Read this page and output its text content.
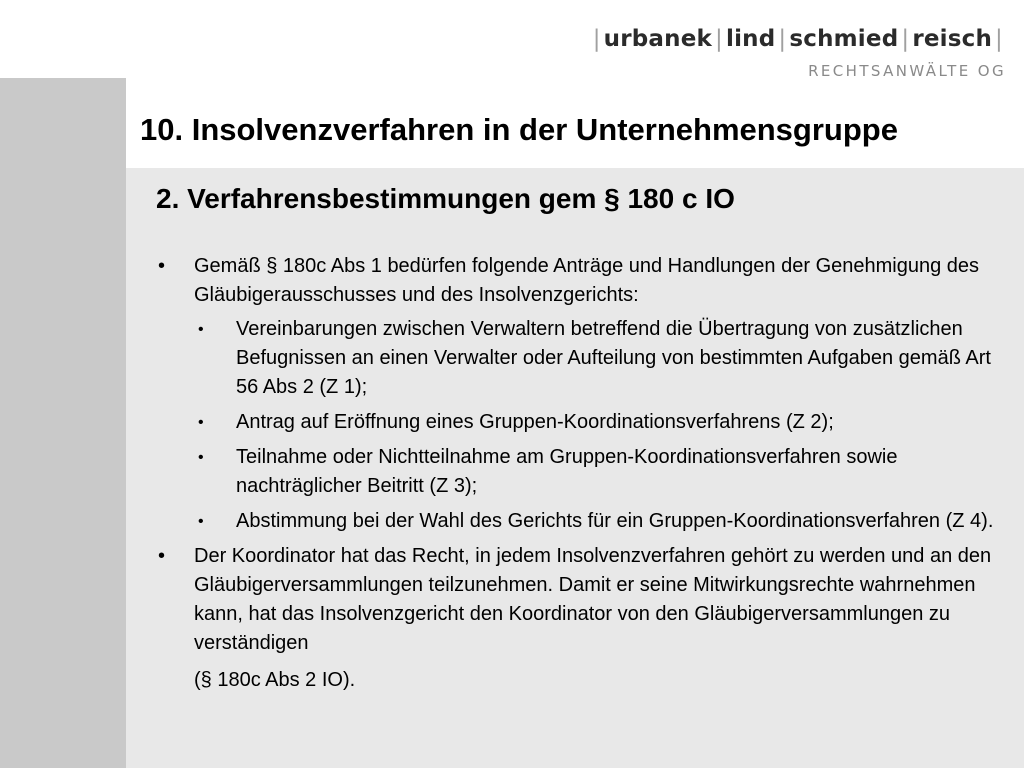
| urbanek | lind | schmied | reisch |
RECHTSANWÄLTE OG
10. Insolvenzverfahren in der Unternehmensgruppe
2. Verfahrensbestimmungen gem § 180 c IO
• Gemäß § 180c Abs 1 bedürfen folgende Anträge und Handlungen der Genehmigung des Gläubigerausschusses und des Insolvenzgerichts:
• Vereinbarungen zwischen Verwaltern betreffend die Übertragung von zusätzlichen Befugnissen an einen Verwalter oder Aufteilung von bestimmten Aufgaben gemäß Art 56 Abs 2 (Z 1);
• Antrag auf Eröffnung eines Gruppen-Koordinationsverfahrens (Z 2);
• Teilnahme oder Nichtteilnahme am Gruppen-Koordinationsverfahren sowie nachträglicher Beitritt (Z 3);
• Abstimmung bei der Wahl des Gerichts für ein Gruppen-Koordinationsverfahren (Z 4).
• Der Koordinator hat das Recht, in jedem Insolvenzverfahren gehört zu werden und an den Gläubigerversammlungen teilzunehmen. Damit er seine Mitwirkungsrechte wahrnehmen kann, hat das Insolvenzgericht den Koordinator von den Gläubigerversammlungen zu verständigen
(§ 180c Abs 2 IO).
